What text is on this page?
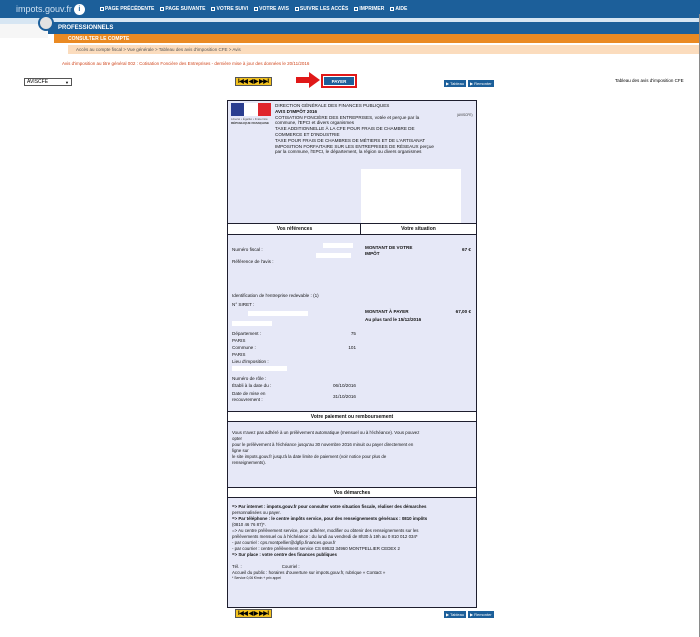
impots.gouv.fr i	PAGE PRÉCÉDENTE PAGE SUIVANTE VOTRE SUIVI VOTRE AVIS SUIVRE LES ACCÈS IMPRIMER AIDE
PROFESSIONNELS
CONSULTER LE COMPTE
Accès au compte fiscal > Vue générale > Tableau des avis d'imposition CFE > Avis
Avis d'imposition au titre général 002 : Cotisation Foncière des Entreprises - dernière mise à jour des données le 20/11/2016
AVISCFE	▼	I◀◀ ◀ ▶ ▶▶I	PAYER	▶ Tableau ▶ Remonter
Tableau des avis d'imposition CFE
Liberté • Égalité • Fraternité
RÉPUBLIQUE FRANÇAISE
DIRECTION GÉNÉRALE DES FINANCES PUBLIQUES
AVIS D'IMPÔT 2016
COTISATION FONCIÈRE DES ENTREPRISES, votée et perçue par la
commune, l'EPCI et divers organismes
TAXE ADDITIONNELLE À LA CFE POUR FRAIS DE CHAMBRE DE
COMMERCE ET D'INDUSTRIE
TAXE POUR FRAIS DE CHAMBRES DE MÉTIERS ET DE L'ARTISANAT
IMPOSITION FORFAITAIRE SUR LES ENTREPRISES DE RÉSEAUX perçue
par la commune, l'EPCI, le département, la région ou divers organismes
(AVISCFE)
Vos références
Numéro fiscal :
Référence de l'avis :
Identification de l'entreprise redevable : (1)
N° SIRET :
Département :	75
PARIS
Commune :	101
PARIS
Lieu d'imposition :
Numéro de rôle :
Établi à la date du :	06/10/2016
Date de mise en
recouvrement :
31/10/2016
Votre situation
MONTANT DE VOTRE
IMPÔT
67 €
MONTANT À PAYER	67,00 €
Au plus tard le 15/12/2016
Votre paiement ou remboursement

Vous n'avez pas adhéré à un prélèvement automatique (mensuel ou à l'échéance). Vous pouvez

opter

pour le prélèvement à l'échéance jusqu'au 30 novembre 2016 minuit ou payer directement en

ligne sur

le site impots.gouv.fr jusqu'à la date limite de paiement (voir notice pour plus de

renseignements).

Vos démarches

=> Par internet : impots.gouv.fr pour consulter votre situation fiscale, réaliser des démarches

personnalisées ou payer.

=> Par téléphone : le centre impôts service, pour des renseignements généraux : 0810 impôts

(0810 46 76 87)*.

=> Au centre prélèvement service, pour adhérer, modifier ou obtenir des renseignements sur les

prélèvements mensuel ou à l'échéance : du lundi au vendredi de 8h30 à 19h au 0 810 012 034*

- par courriel : cps.montpellier@dgfip.finances.gouv.fr

- par courrier : centre prélèvement service CS 69533 34960 MONTPELLIER CEDEX 2

=> Sur place : votre centre des finances publiques

Tél. :	Courriel :

Accueil du public : horaires d'ouverture sur impots.gouv.fr, rubrique « Contact »

* Service 0,06 €/min + prix appel

I◀◀ ◀ ▶ ▶▶I	▶ Tableau ▶ Remonter
